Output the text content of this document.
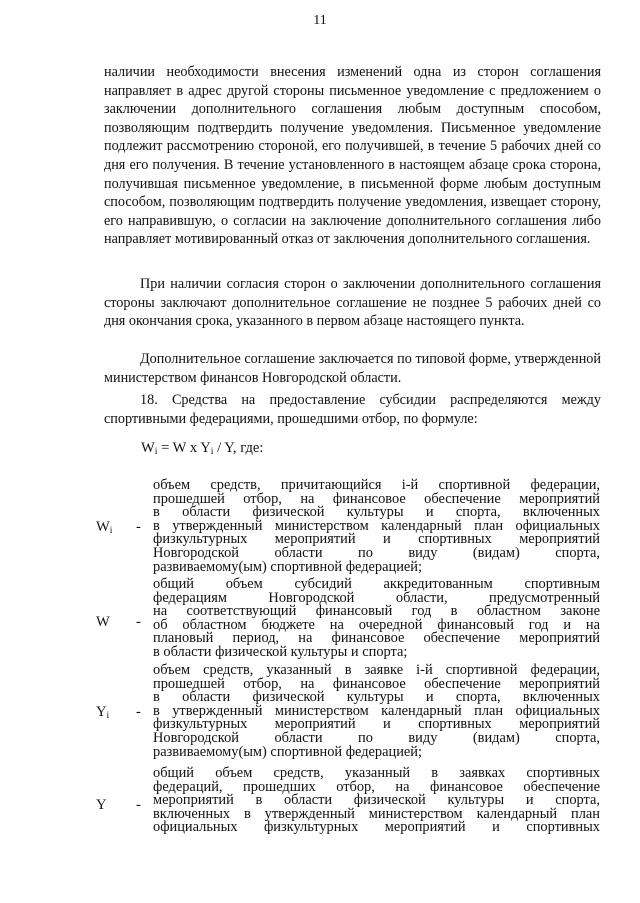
11

наличии необходимости внесения изменений одна из сторон соглашения направляет в адрес другой стороны письменное уведомление с предложением о заключении дополнительного соглашения любым доступным способом, позволяющим подтвердить получение уведомления. Письменное уведомление подлежит рассмотрению стороной, его получившей, в течение 5 рабочих дней со дня его получения. В течение установленного в настоящем абзаце срока сторона, получившая письменное уведомление, в письменной форме любым доступным способом, позволяющим подтвердить получение уведомления, извещает сторону, его направившую, о согласии на заключение дополнительного соглашения либо направляет мотивированный отказ от заключения дополнительного соглашения.

При наличии согласия сторон о заключении дополнительного соглашения стороны заключают дополнительное соглашение не позднее 5 рабочих дней со дня окончания срока, указанного в первом абзаце настоящего пункта.

Дополнительное соглашение заключается по типовой форме, утвержденной министерством финансов Новгородской области.

18. Средства на предоставление субсидии распределяются между спортивными федерациями, прошедшими отбор, по формуле:

$W_i = W$ x $Y_i$ / Y, где:
$W_i$	-
объем средств, причитающийся i-й спортивной федерации,
прошедшей отбор, на финансовое обеспечение мероприятий
в области физической культуры и спорта, включенных
в утвержденный министерством календарный план официальных
физкультурных мероприятий и спортивных мероприятий
Новгородской области по виду (видам) спорта,
развиваемому(ым) спортивной федерацией;
W	-
общий объем субсидий аккредитованным спортивным
федерациям Новгородской области, предусмотренный
на соответствующий финансовый год в областном законе
об областном бюджете на очередной финансовый год и на
плановый период, на финансовое обеспечение мероприятий
в области физической культуры и спорта;
$Y_i$	-
объем средств, указанный в заявке i-й спортивной федерации,
прошедшей отбор, на финансовое обеспечение мероприятий
в области физической культуры и спорта, включенных
в утвержденный министерством календарный план официальных
физкультурных мероприятий и спортивных мероприятий
Новгородской области по виду (видам) спорта,
развиваемому(ым) спортивной федерацией;
Y	-
общий объем средств, указанный в заявках спортивных
федераций, прошедших отбор, на финансовое обеспечение
мероприятий в области физической культуры и спорта,
включенных в утвержденный министерством календарный план
официальных физкультурных мероприятий и спортивных
